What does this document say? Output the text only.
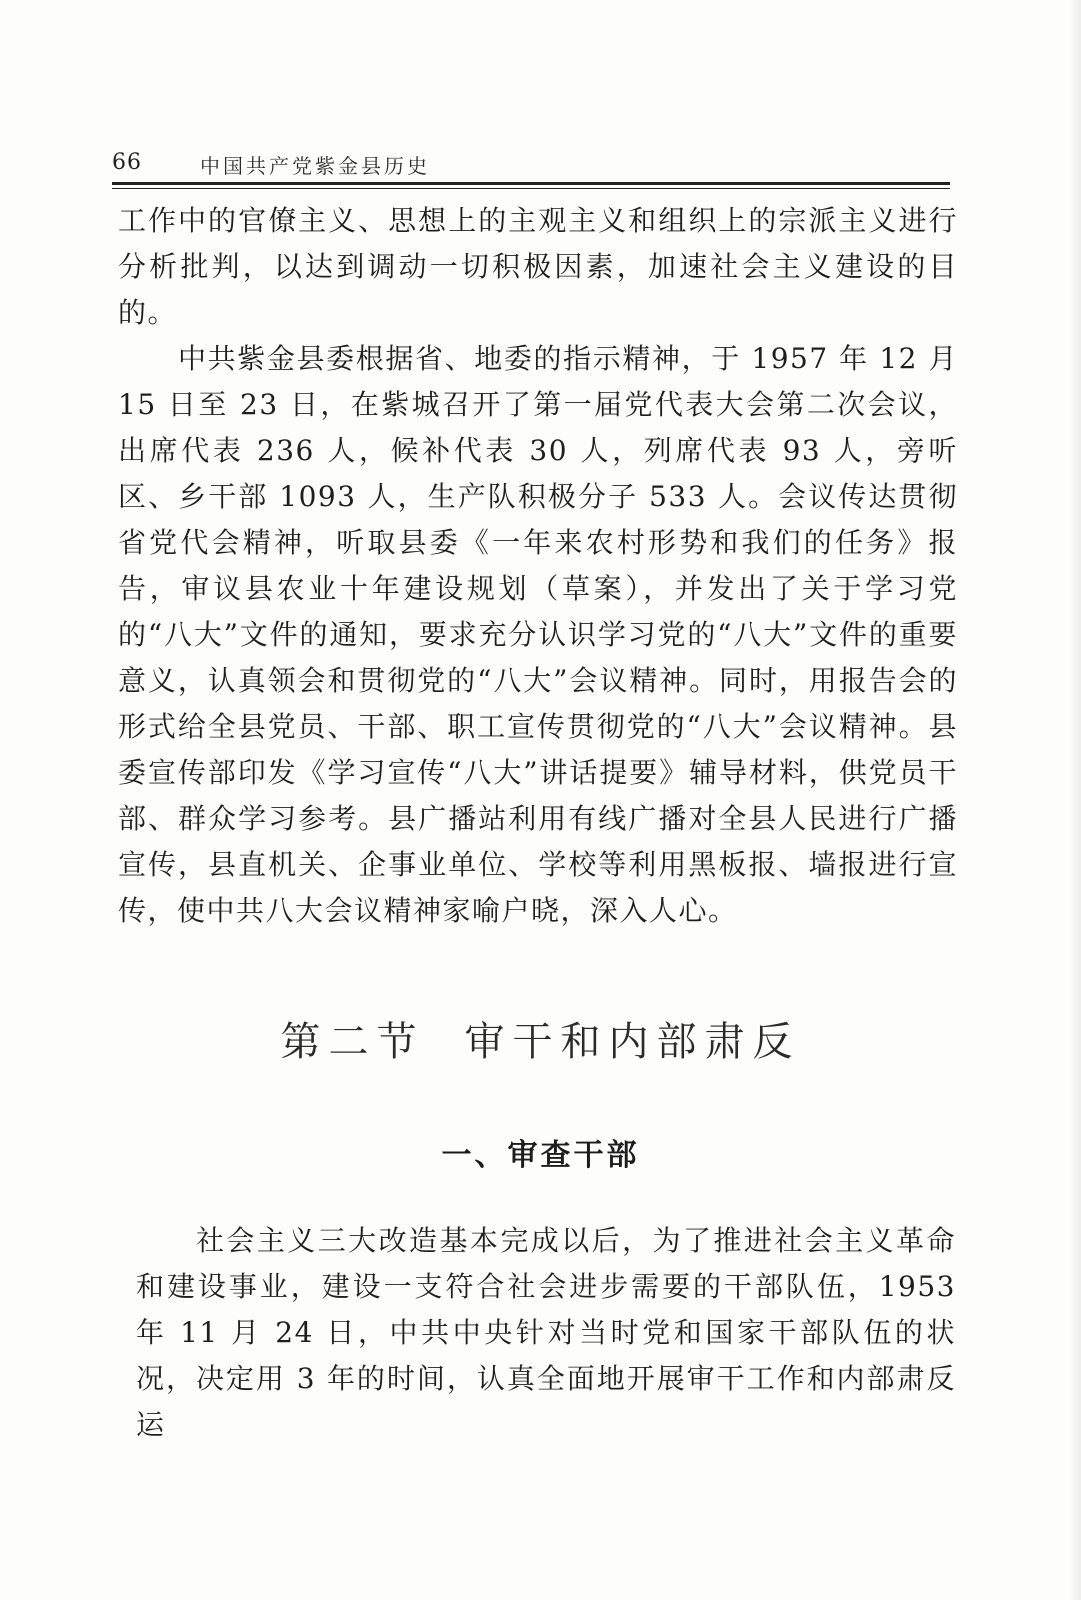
66	中国共产党紫金县历史

工作中的官僚主义、思想上的主观主义和组织上的宗派主义进行分析批判，以达到调动一切积极因素，加速社会主义建设的目的。

中共紫金县委根据省、地委的指示精神，于 1957 年 12 月 15 日至 23 日，在紫城召开了第一届党代表大会第二次会议，出席代表 236 人，候补代表 30 人，列席代表 93 人，旁听区、乡干部 1093 人，生产队积极分子 533 人。会议传达贯彻省党代会精神，听取县委《一年来农村形势和我们的任务》报告，审议县农业十年建设规划（草案），并发出了关于学习党的“八大”文件的通知，要求充分认识学习党的“八大”文件的重要意义，认真领会和贯彻党的“八大”会议精神。同时，用报告会的形式给全县党员、干部、职工宣传贯彻党的“八大”会议精神。县委宣传部印发《学习宣传“八大”讲话提要》辅导材料，供党员干部、群众学习参考。县广播站利用有线广播对全县人民进行广播宣传，县直机关、企事业单位、学校等利用黑板报、墙报进行宣传，使中共八大会议精神家喻户晓，深入人心。

第二节 审干和内部肃反
一、审查干部

社会主义三大改造基本完成以后，为了推进社会主义革命和建设事业，建设一支符合社会进步需要的干部队伍，1953 年 11 月 24 日，中共中央针对当时党和国家干部队伍的状况，决定用 3 年的时间，认真全面地开展审干工作和内部肃反运
